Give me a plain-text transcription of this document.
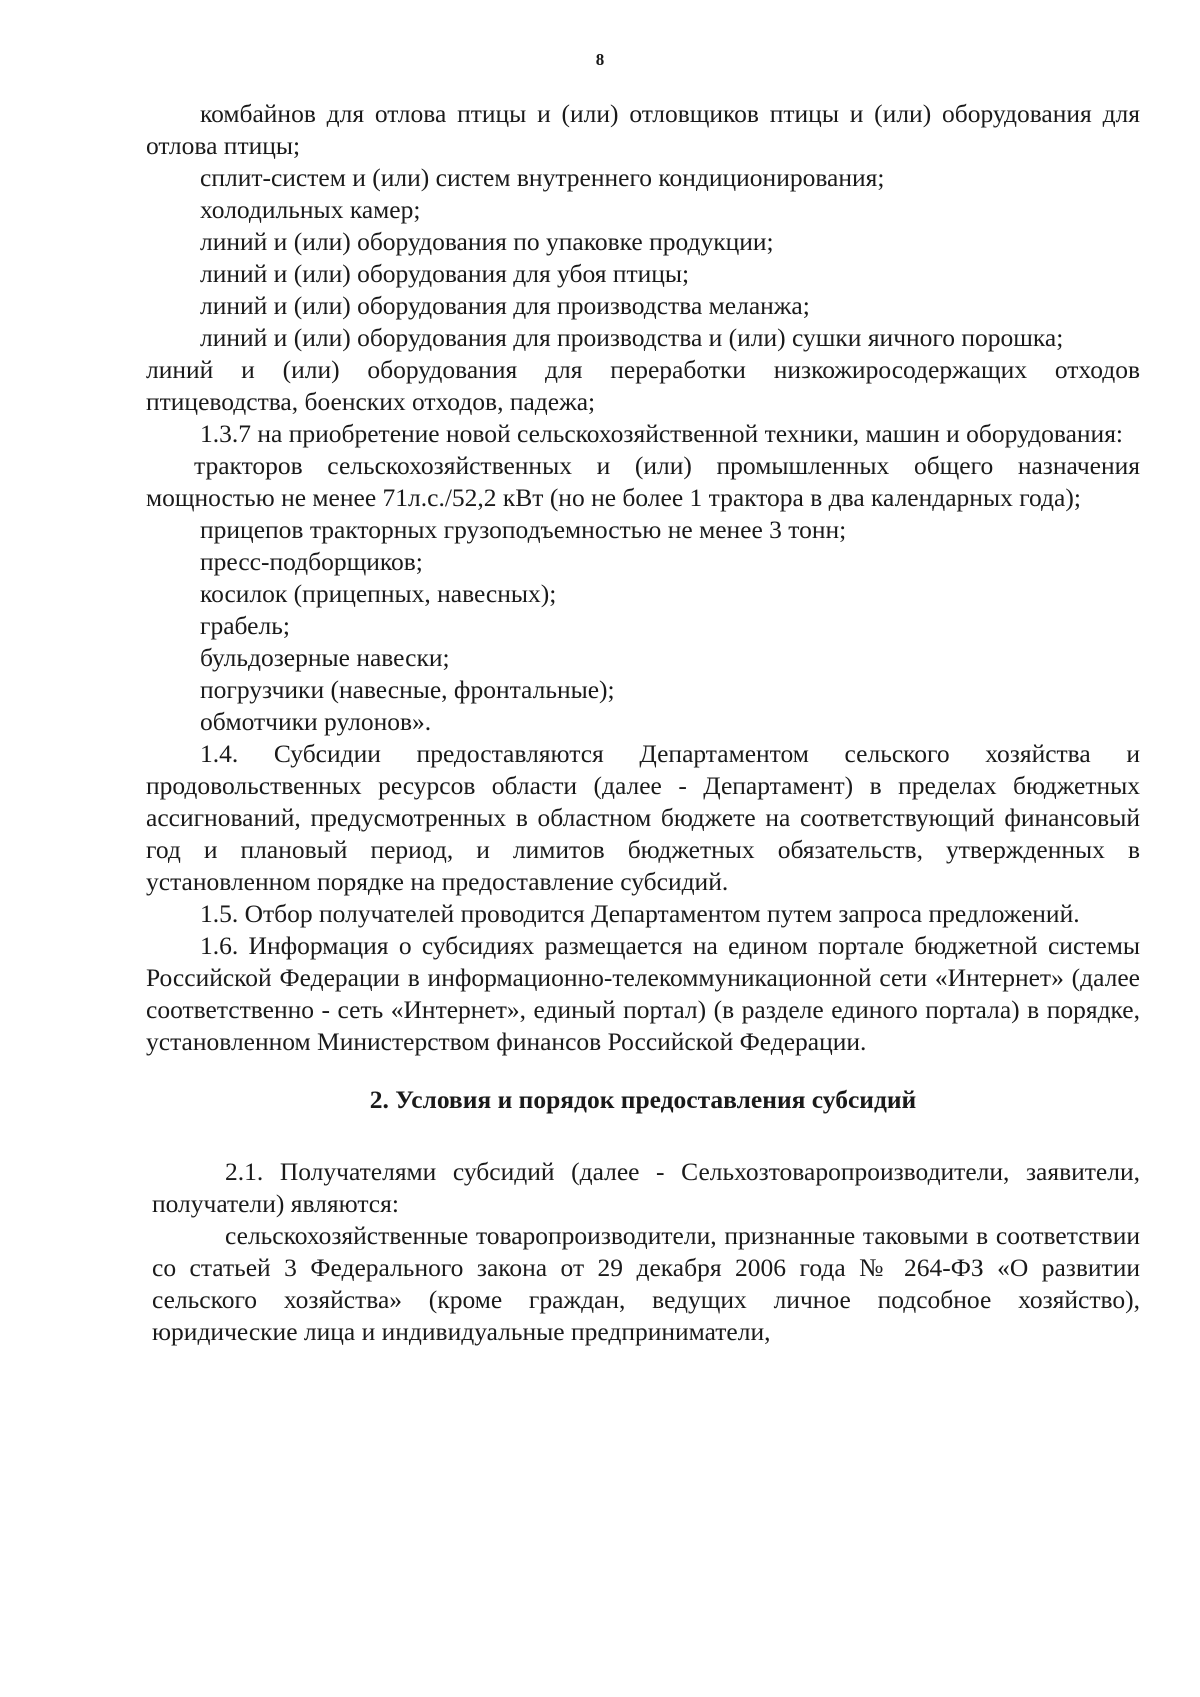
8

комбайнов для отлова птицы и (или) отловщиков птицы и (или) оборудования для отлова птицы;

сплит-систем и (или) систем внутреннего кондиционирования;

холодильных камер;

линий и (или) оборудования по упаковке продукции;

линий и (или) оборудования для убоя птицы;

линий и (или) оборудования для производства меланжа;

линий и (или) оборудования для производства и (или) сушки яичного порошка;

линий и (или) оборудования для переработки низкожиросодержащих отходов птицеводства, боенских отходов, падежа;

1.3.7 на приобретение новой сельскохозяйственной техники, машин и оборудования:

тракторов сельскохозяйственных и (или) промышленных общего назначения мощностью не менее 71л.с./52,2 кВт (но не более 1 трактора в два календарных года);

прицепов тракторных грузоподъемностью не менее 3 тонн;

пресс-подборщиков;

косилок (прицепных, навесных);

грабель;

бульдозерные навески;

погрузчики (навесные, фронтальные);

обмотчики рулонов».

1.4. Субсидии предоставляются Департаментом сельского хозяйства и продовольственных ресурсов области (далее - Департамент) в пределах бюджетных ассигнований, предусмотренных в областном бюджете на соответствующий финансовый год и плановый период, и лимитов бюджетных обязательств, утвержденных в установленном порядке на предоставление субсидий.

1.5. Отбор получателей проводится Департаментом путем запроса предложений.

1.6. Информация о субсидиях размещается на едином портале бюджетной системы Российской Федерации в информационно-телекоммуникационной сети «Интернет» (далее соответственно - сеть «Интернет», единый портал) (в разделе единого портала) в порядке, установленном Министерством финансов Российской Федерации.

2. Условия и порядок предоставления субсидий

2.1. Получателями субсидий (далее - Сельхозтоваропроизводители, заявители, получатели) являются:

сельскохозяйственные товаропроизводители, признанные таковыми в соответствии со статьей 3 Федерального закона от 29 декабря 2006 года № 264-ФЗ «О развитии сельского хозяйства» (кроме граждан, ведущих личное подсобное хозяйство), юридические лица и индивидуальные предприниматели,
